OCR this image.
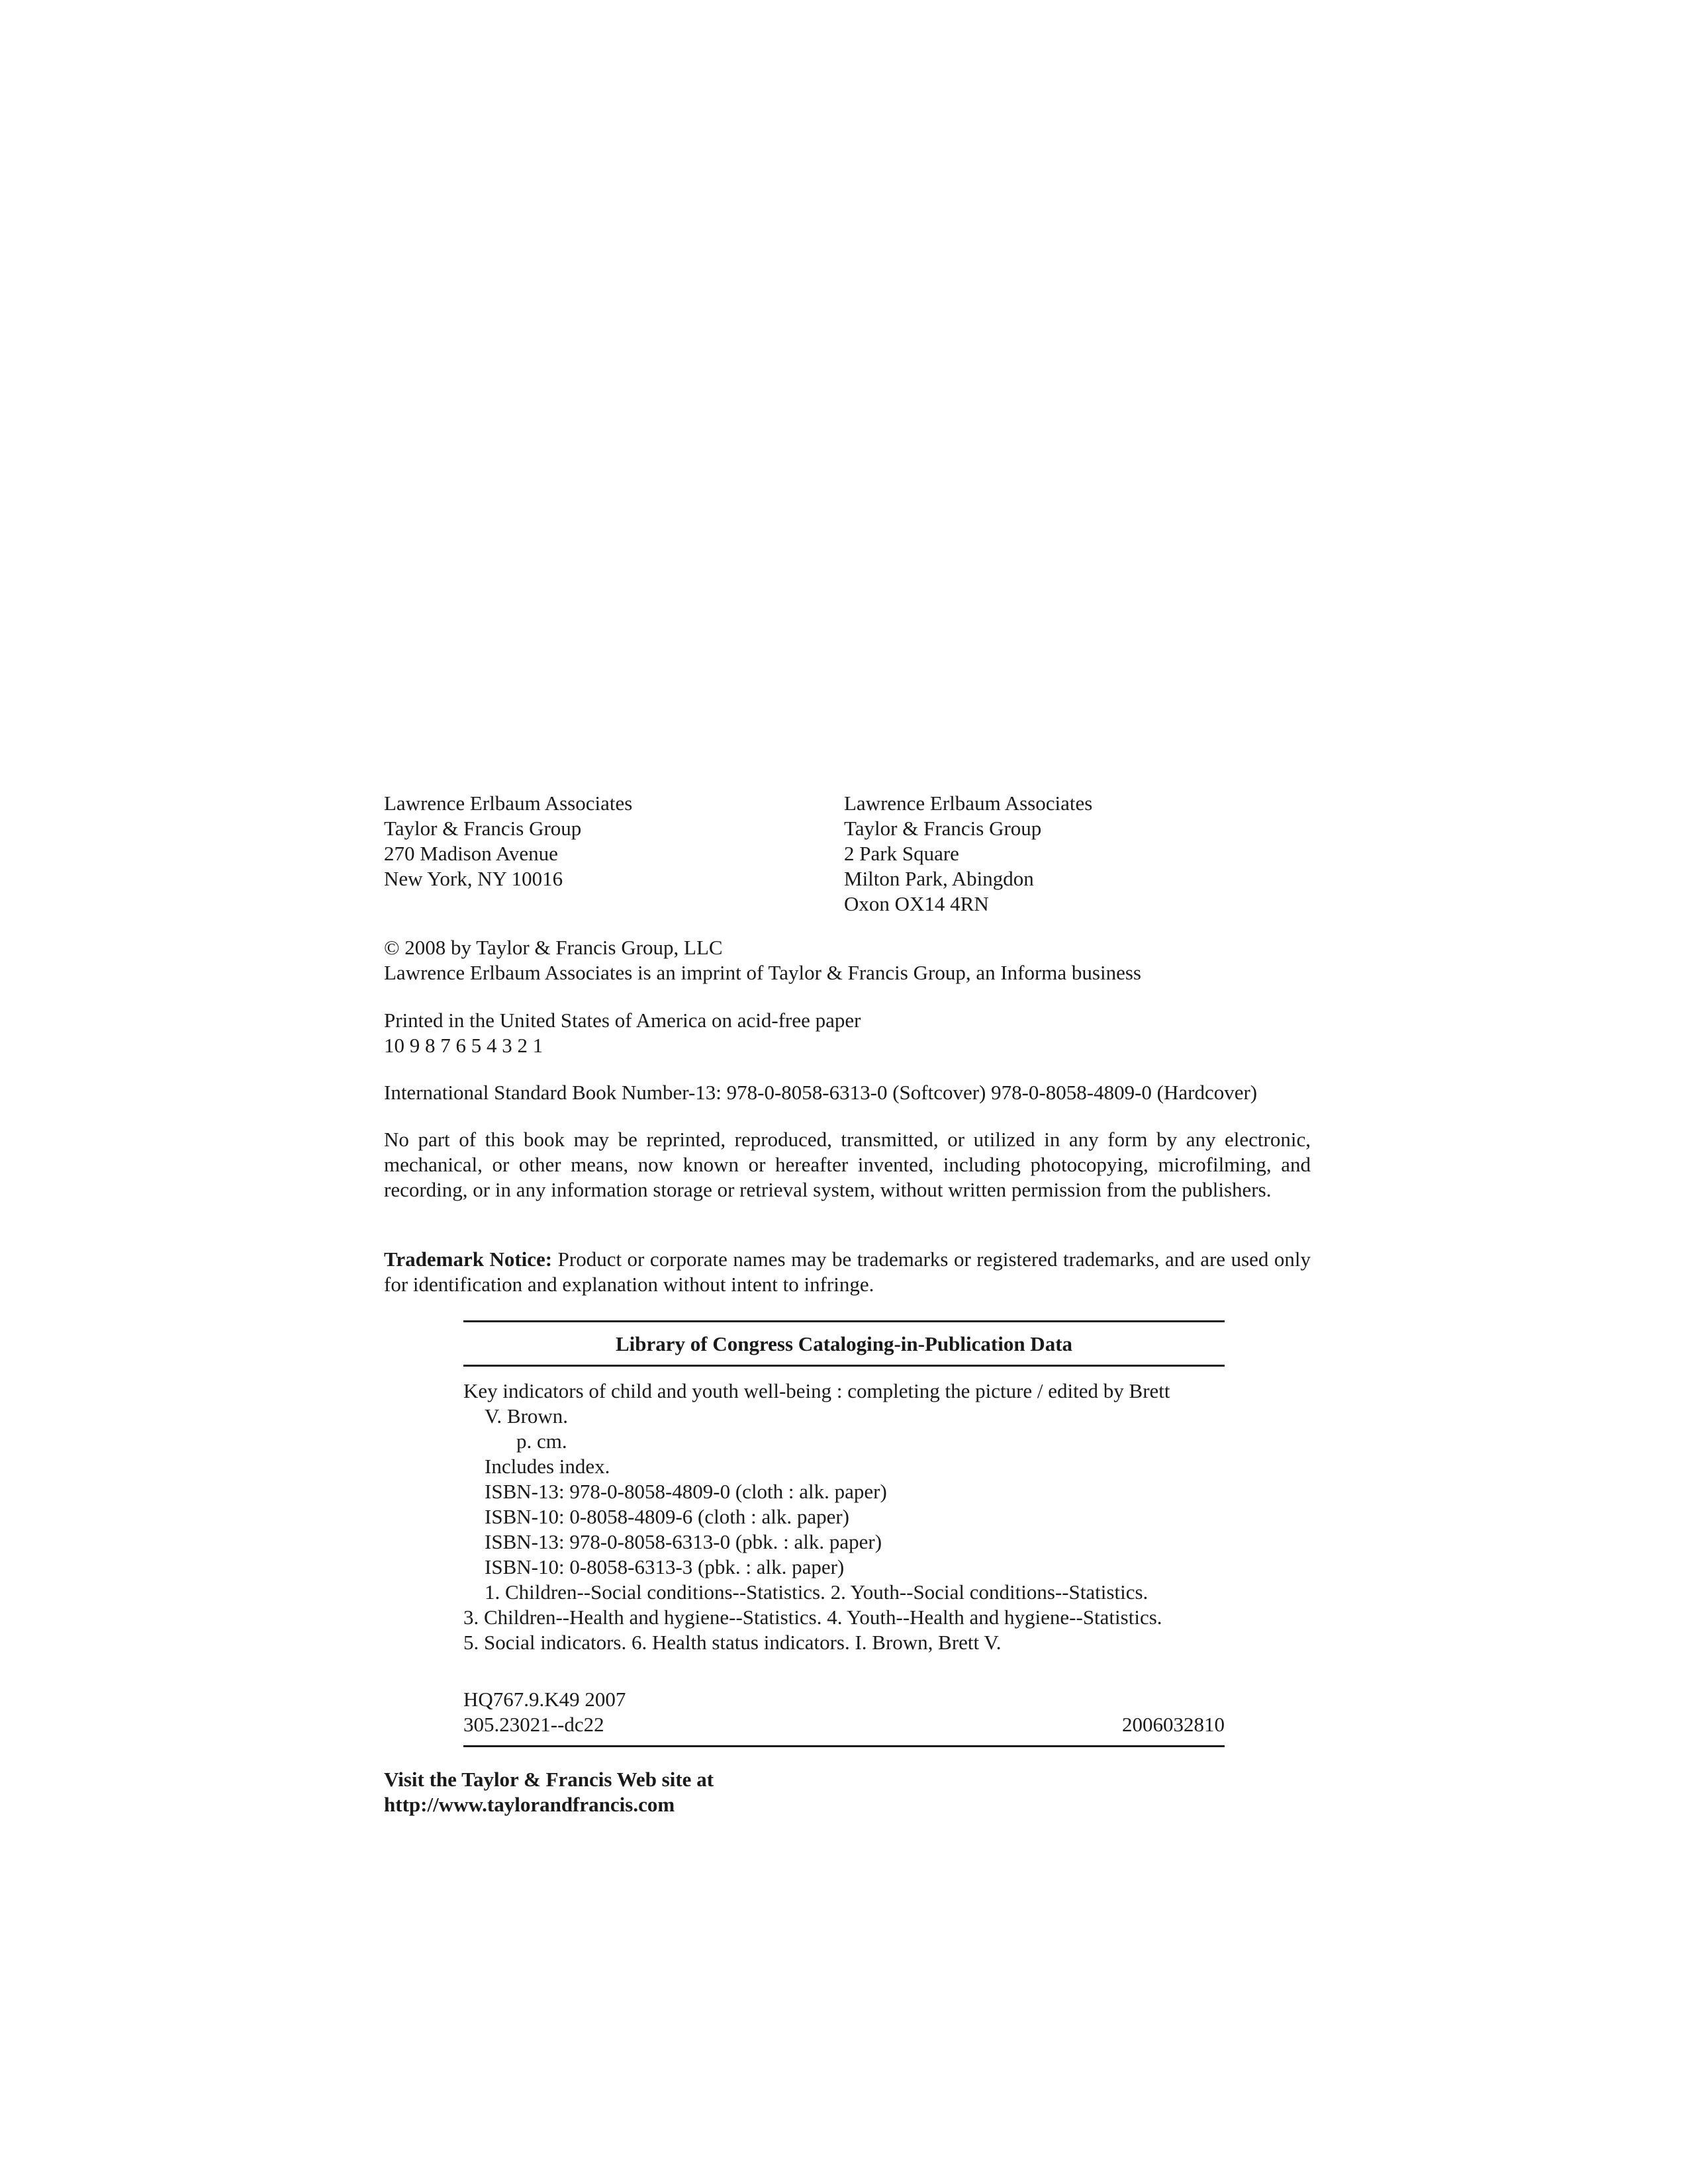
Lawrence Erlbaum Associates
Taylor & Francis Group
270 Madison Avenue
New York, NY 10016
Lawrence Erlbaum Associates
Taylor & Francis Group
2 Park Square
Milton Park, Abingdon
Oxon OX14 4RN
© 2008 by Taylor & Francis Group, LLC
Lawrence Erlbaum Associates is an imprint of Taylor & Francis Group, an Informa business
Printed in the United States of America on acid-free paper
10 9 8 7 6 5 4 3 2 1
International Standard Book Number-13: 978-0-8058-6313-0 (Softcover) 978-0-8058-4809-0 (Hardcover)
No part of this book may be reprinted, reproduced, transmitted, or utilized in any form by any electronic, mechanical, or other means, now known or hereafter invented, including photocopying, microfilming, and recording, or in any information storage or retrieval system, without written permission from the publishers.
Trademark Notice: Product or corporate names may be trademarks or registered trademarks, and are used only for identification and explanation without intent to infringe.
Library of Congress Cataloging-in-Publication Data
Key indicators of child and youth well-being : completing the picture / edited by Brett
V. Brown.
p. cm.
Includes index.
ISBN-13: 978-0-8058-4809-0 (cloth : alk. paper)
ISBN-10: 0-8058-4809-6 (cloth : alk. paper)
ISBN-13: 978-0-8058-6313-0 (pbk. : alk. paper)
ISBN-10: 0-8058-6313-3 (pbk. : alk. paper)
1. Children--Social conditions--Statistics. 2. Youth--Social conditions--Statistics.
3. Children--Health and hygiene--Statistics. 4. Youth--Health and hygiene--Statistics.
5. Social indicators. 6. Health status indicators. I. Brown, Brett V.
HQ767.9.K49 2007
305.23021--dc22	2006032810
Visit the Taylor & Francis Web site at
http://www.taylorandfrancis.com
